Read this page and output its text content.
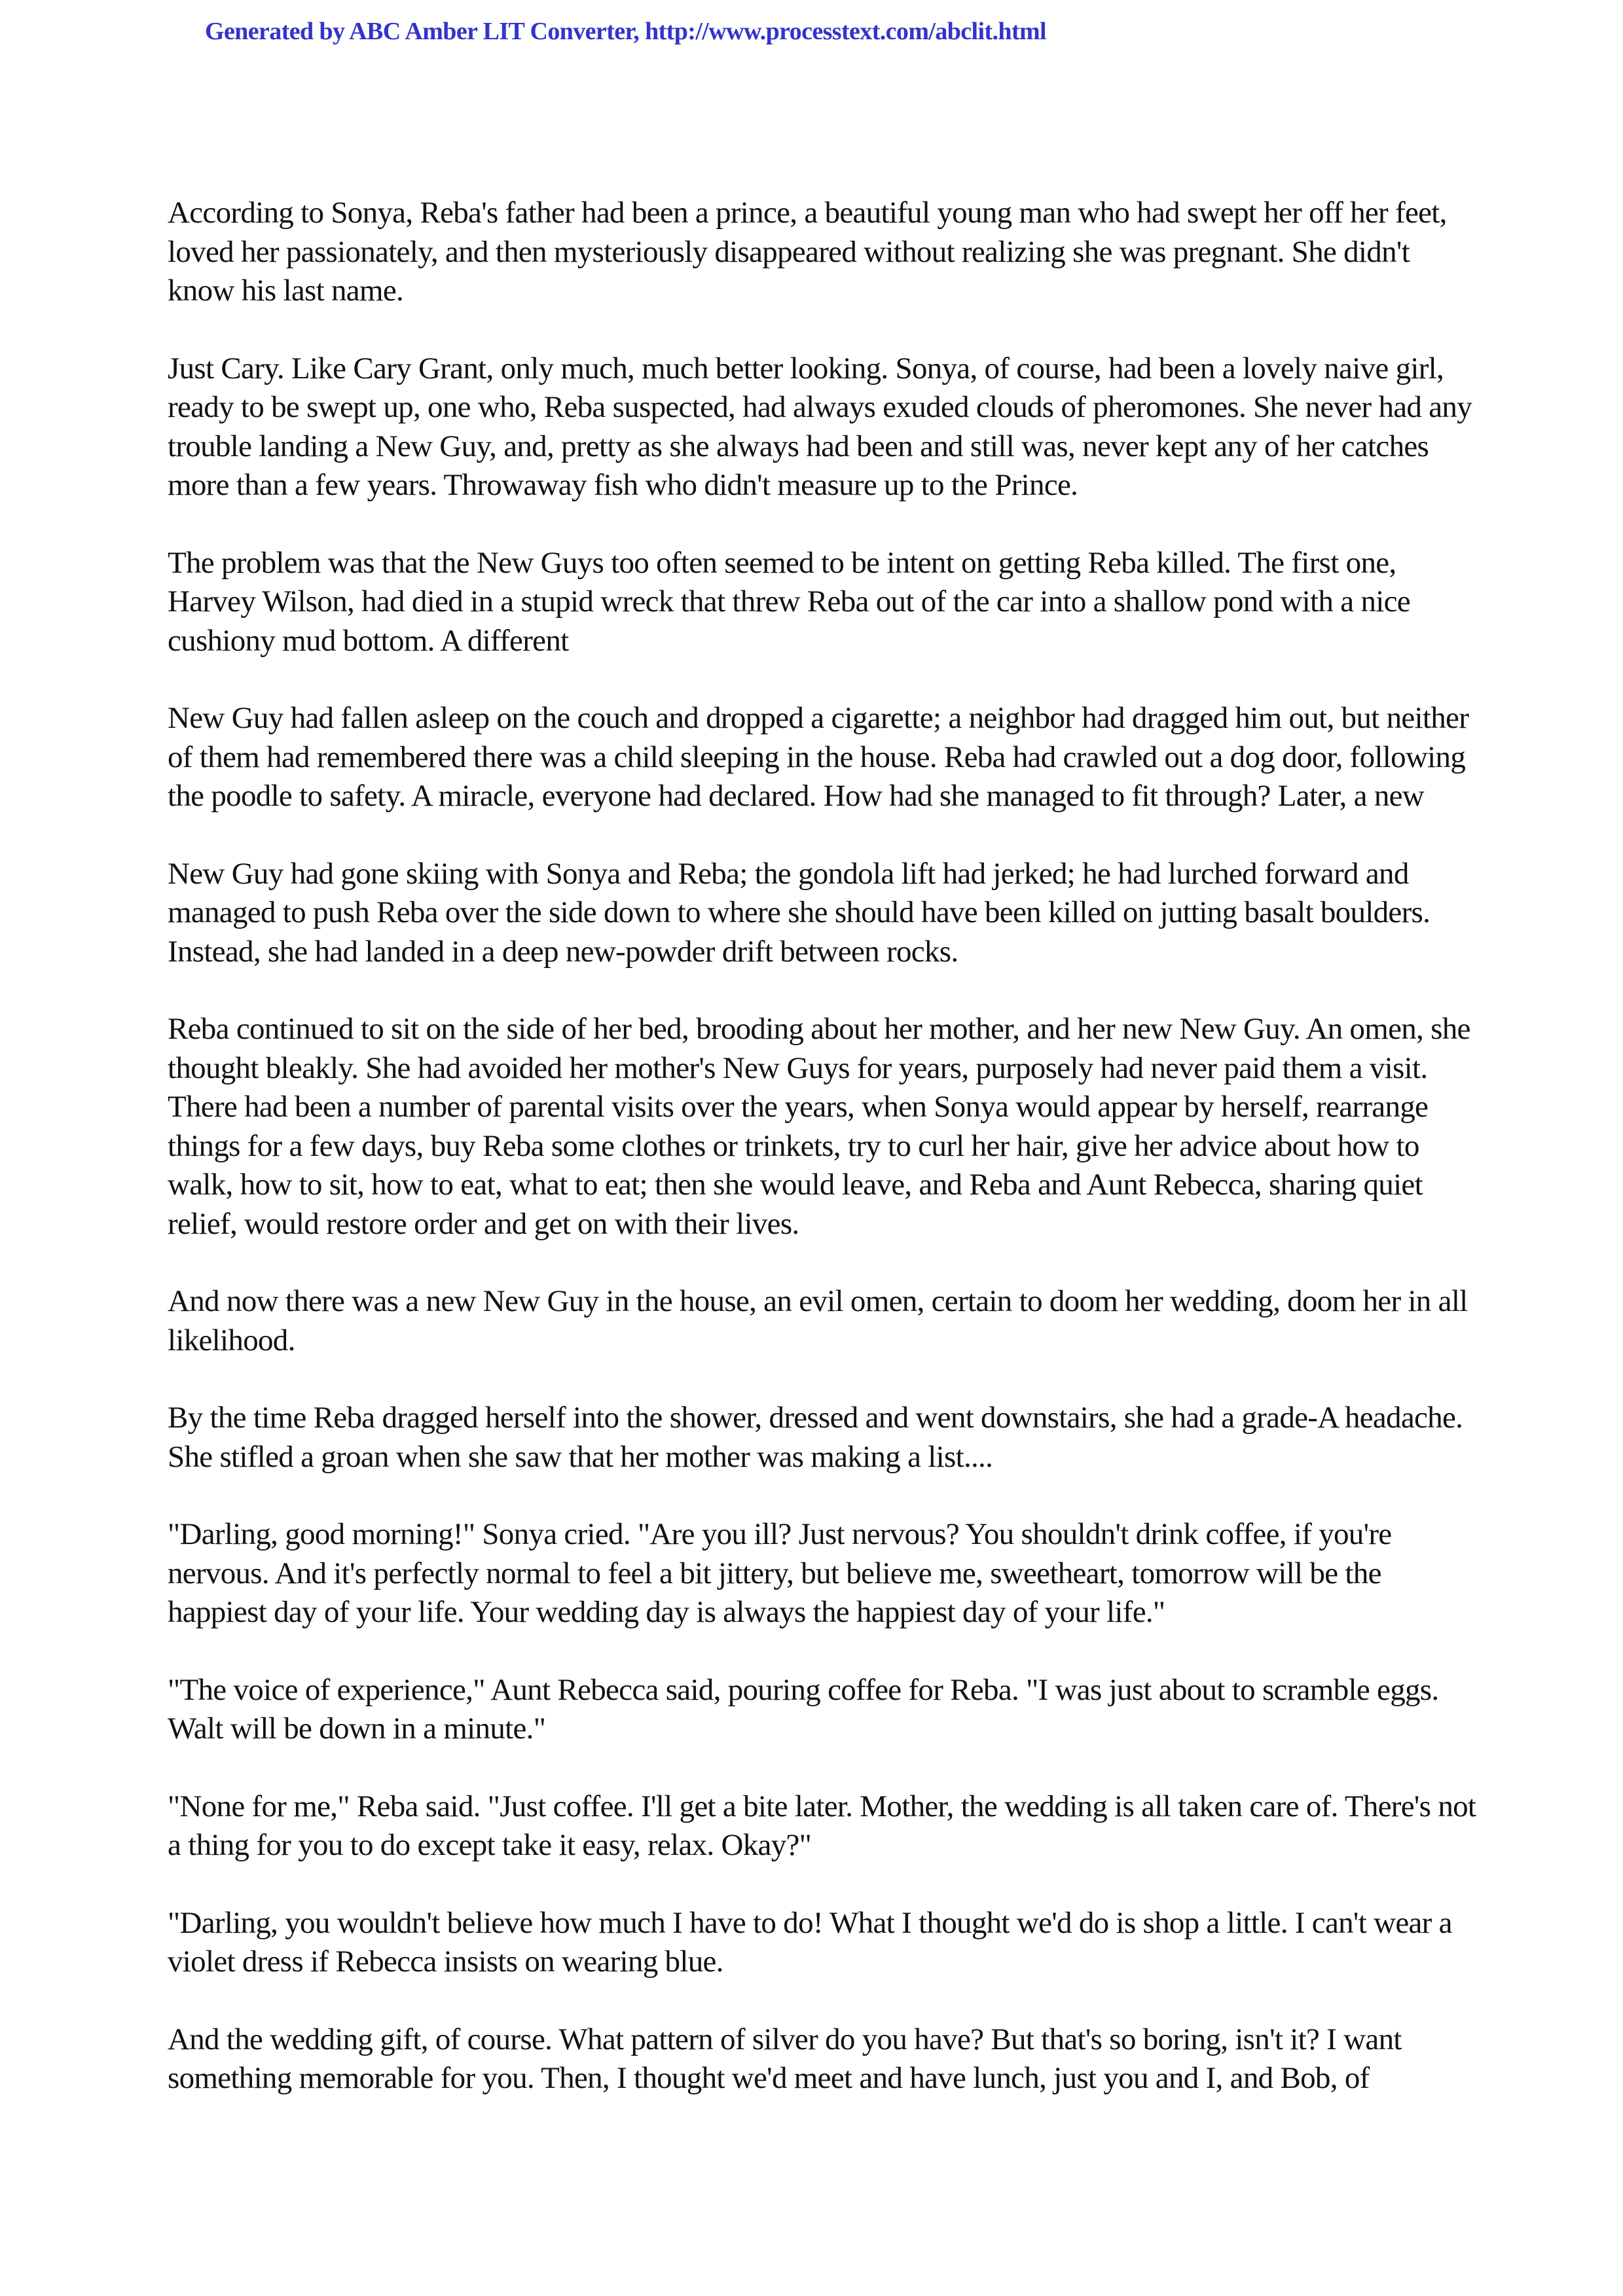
Generated by ABC Amber LIT Converter, http://www.processtext.com/abclit.html

According to Sonya, Reba's father had been a prince, a beautiful young man who had swept her off her feet, loved her passionately, and then mysteriously disappeared without realizing she was pregnant. She didn't know his last name.

Just Cary. Like Cary Grant, only much, much better looking. Sonya, of course, had been a lovely naive girl, ready to be swept up, one who, Reba suspected, had always exuded clouds of pheromones. She never had any trouble landing a New Guy, and, pretty as she always had been and still was, never kept any of her catches more than a few years. Throwaway fish who didn't measure up to the Prince.

The problem was that the New Guys too often seemed to be intent on getting Reba killed. The first one, Harvey Wilson, had died in a stupid wreck that threw Reba out of the car into a shallow pond with a nice cushiony mud bottom. A different

New Guy had fallen asleep on the couch and dropped a cigarette; a neighbor had dragged him out, but neither of them had remembered there was a child sleeping in the house. Reba had crawled out a dog door, following the poodle to safety. A miracle, everyone had declared. How had she managed to fit through? Later, a new

New Guy had gone skiing with Sonya and Reba; the gondola lift had jerked; he had lurched forward and managed to push Reba over the side down to where she should have been killed on jutting basalt boulders. Instead, she had landed in a deep new-powder drift between rocks.

Reba continued to sit on the side of her bed, brooding about her mother, and her new New Guy. An omen, she thought bleakly. She had avoided her mother's New Guys for years, purposely had never paid them a visit. There had been a number of parental visits over the years, when Sonya would appear by herself, rearrange things for a few days, buy Reba some clothes or trinkets, try to curl her hair, give her advice about how to walk, how to sit, how to eat, what to eat; then she would leave, and Reba and Aunt Rebecca, sharing quiet relief, would restore order and get on with their lives.

And now there was a new New Guy in the house, an evil omen, certain to doom her wedding, doom her in all likelihood.

By the time Reba dragged herself into the shower, dressed and went downstairs, she had a grade-A headache. She stifled a groan when she saw that her mother was making a list....

"Darling, good morning!" Sonya cried. "Are you ill? Just nervous? You shouldn't drink coffee, if you're nervous. And it's perfectly normal to feel a bit jittery, but believe me, sweetheart, tomorrow will be the happiest day of your life. Your wedding day is always the happiest day of your life."

"The voice of experience," Aunt Rebecca said, pouring coffee for Reba. "I was just about to scramble eggs. Walt will be down in a minute."

"None for me," Reba said. "Just coffee. I'll get a bite later. Mother, the wedding is all taken care of. There's not a thing for you to do except take it easy, relax. Okay?"

"Darling, you wouldn't believe how much I have to do! What I thought we'd do is shop a little. I can't wear a violet dress if Rebecca insists on wearing blue.

And the wedding gift, of course. What pattern of silver do you have? But that's so boring, isn't it? I want something memorable for you. Then, I thought we'd meet and have lunch, just you and I, and Bob, of
